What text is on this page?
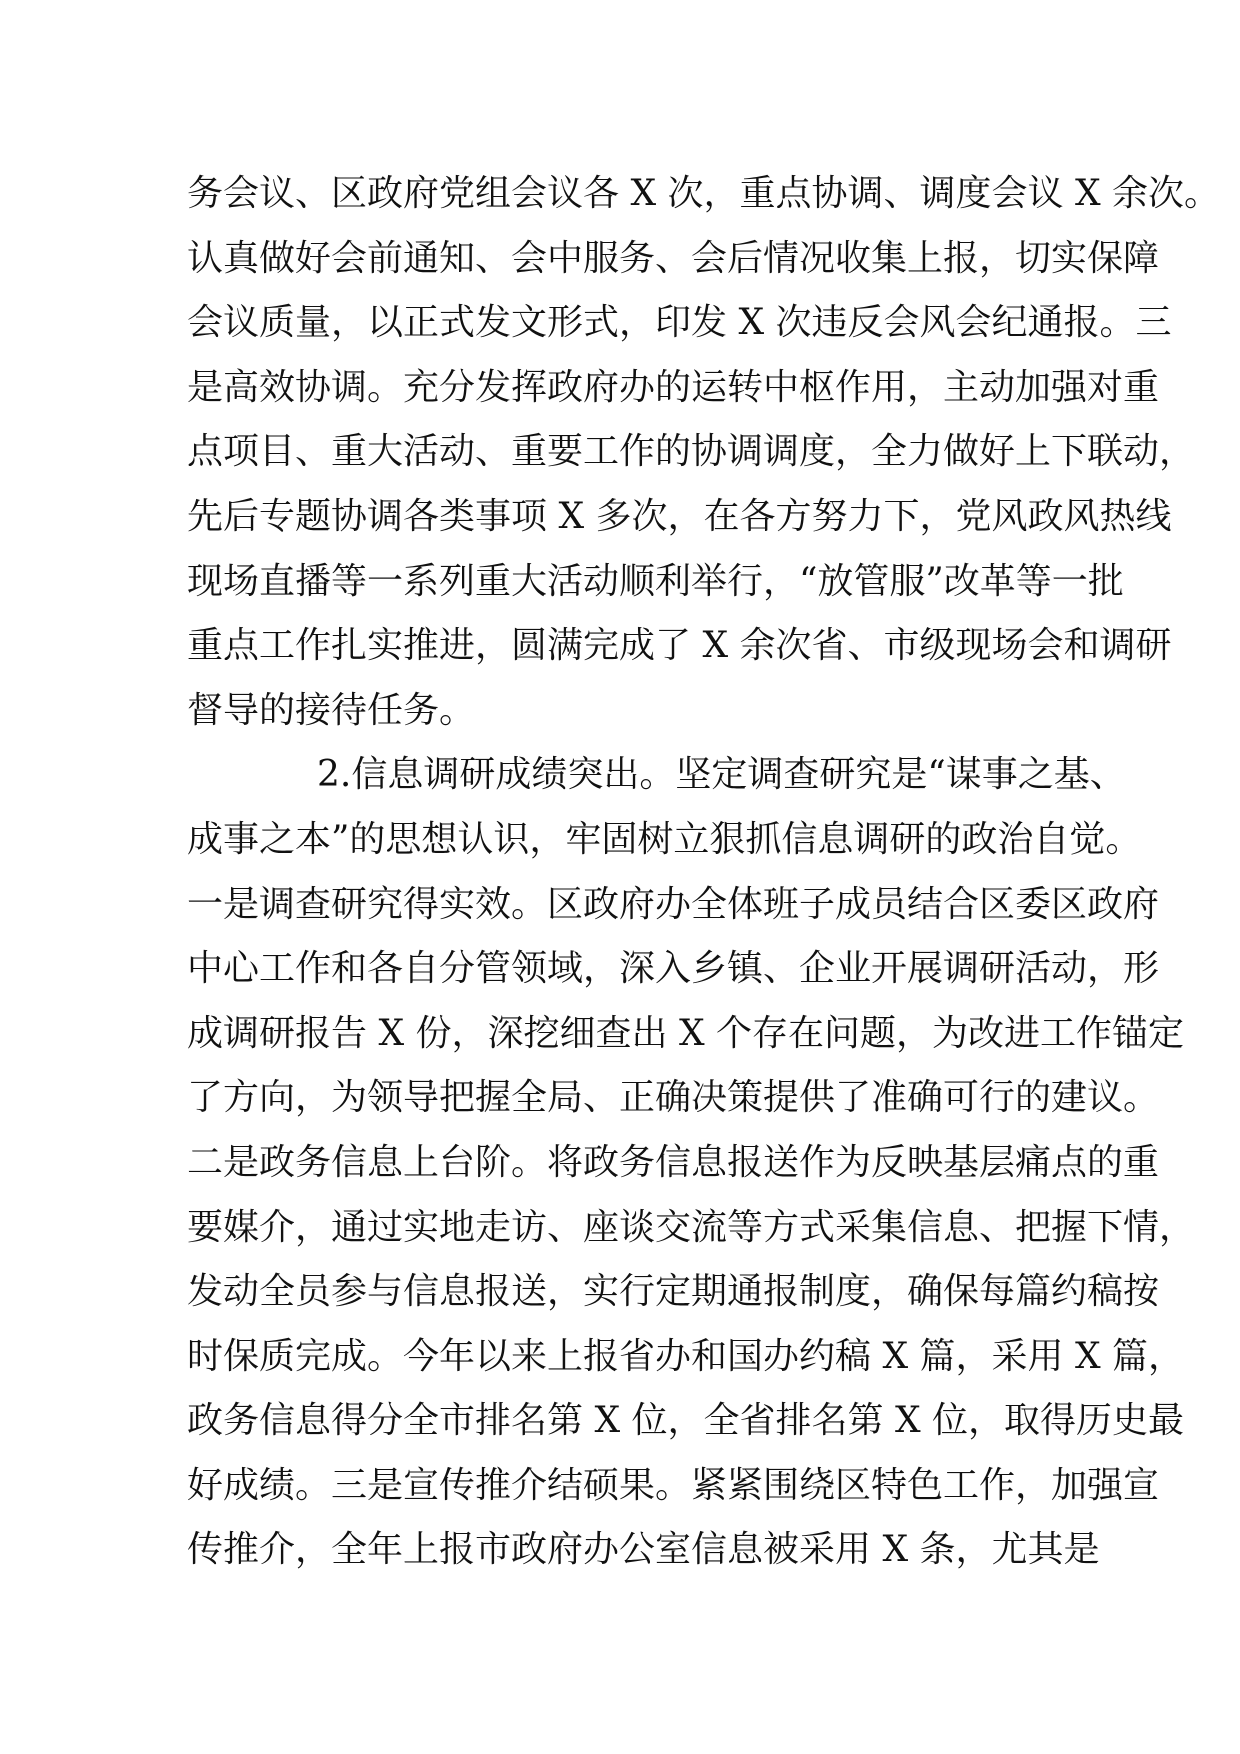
务会议、区政府党组会议各 X 次，重点协调、调度会议 X 余次。
认真做好会前通知、会中服务、会后情况收集上报，切实保障
会议质量，以正式发文形式，印发 X 次违反会风会纪通报。三
是高效协调。充分发挥政府办的运转中枢作用，主动加强对重
点项目、重大活动、重要工作的协调调度，全力做好上下联动，
先后专题协调各类事项 X 多次，在各方努力下，党风政风热线
现场直播等一系列重大活动顺利举行，“放管服”改革等一批
重点工作扎实推进，圆满完成了 X 余次省、市级现场会和调研
督导的接待任务。
2.信息调研成绩突出。坚定调查研究是“谋事之基、
成事之本”的思想认识，牢固树立狠抓信息调研的政治自觉。
一是调查研究得实效。区政府办全体班子成员结合区委区政府
中心工作和各自分管领域，深入乡镇、企业开展调研活动，形
成调研报告 X 份，深挖细查出 X 个存在问题，为改进工作锚定
了方向，为领导把握全局、正确决策提供了准确可行的建议。
二是政务信息上台阶。将政务信息报送作为反映基层痛点的重
要媒介，通过实地走访、座谈交流等方式采集信息、把握下情，
发动全员参与信息报送，实行定期通报制度，确保每篇约稿按
时保质完成。今年以来上报省办和国办约稿 X 篇，采用 X 篇，
政务信息得分全市排名第 X 位，全省排名第 X 位，取得历史最
好成绩。三是宣传推介结硕果。紧紧围绕区特色工作，加强宣
传推介，全年上报市政府办公室信息被采用 X 条，尤其是
